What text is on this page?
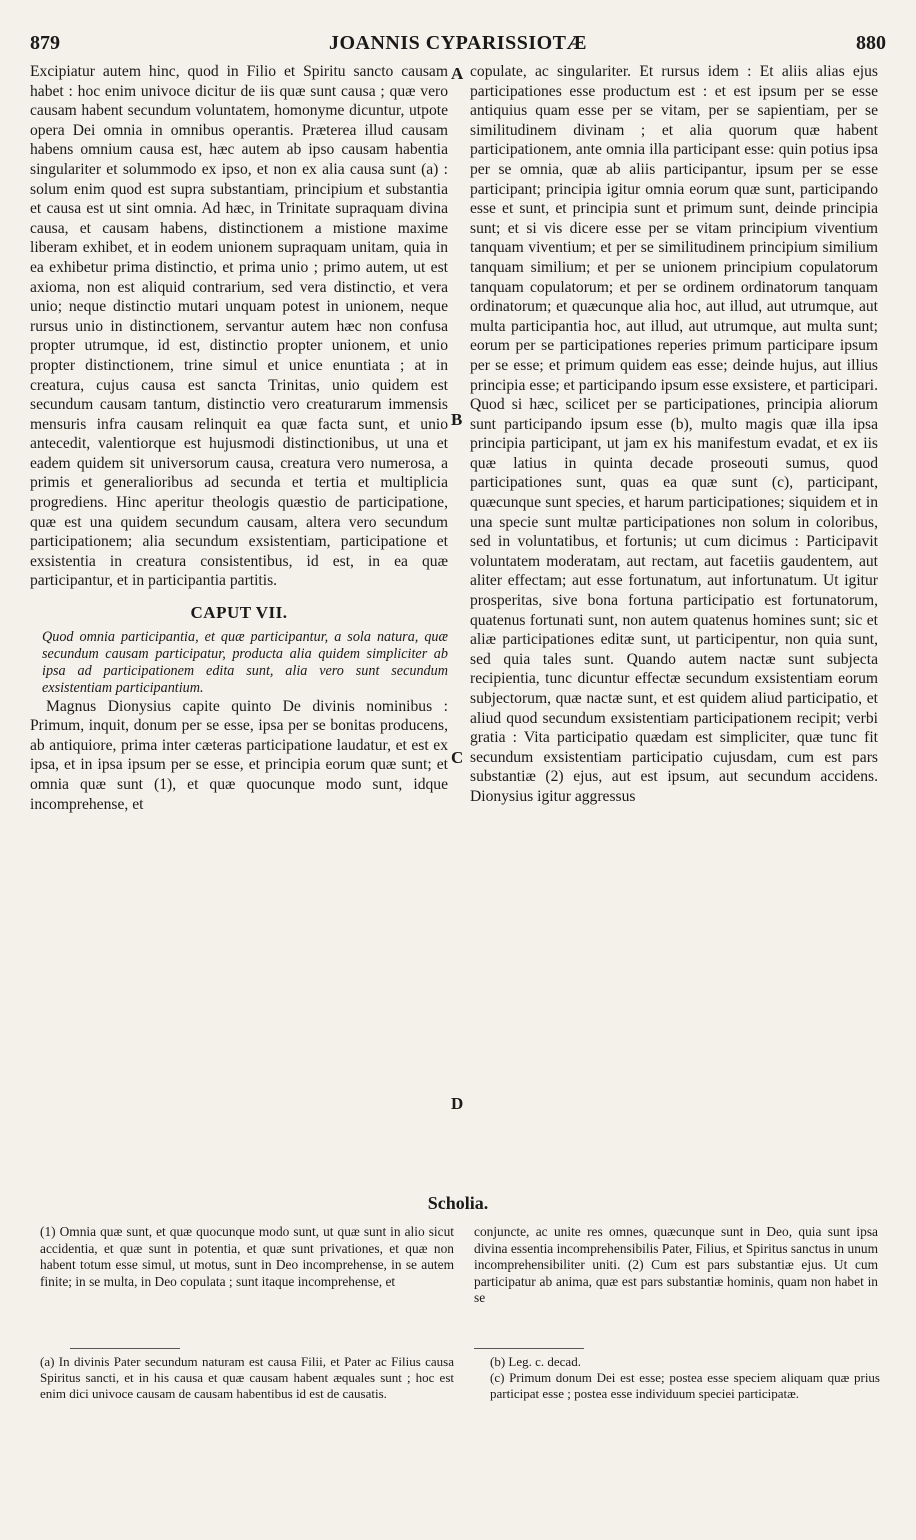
879	JOANNIS CYPARISSIOTÆ	880
A
B
C
D

Excipiatur autem hinc, quod in Filio et Spiritu sancto causam habet : hoc enim univoce dicitur de iis quæ sunt causa ; quæ vero causam habent secundum voluntatem, homonyme dicuntur, utpote opera Dei omnia in omnibus operantis. Præterea illud causam habens omnium causa est, hæc autem ab ipso causam habentia singulariter et solummodo ex ipso, et non ex alia causa sunt (a) : solum enim quod est supra substantiam, principium et substantia et causa est ut sint omnia. Ad hæc, in Trinitate supraquam divina causa, et causam habens, distinctionem a mistione maxime liberam exhibet, et in eodem unionem supraquam unitam, quia in ea exhibetur prima distinctio, et prima unio ; primo autem, ut est axioma, non est aliquid contrarium, sed vera distinctio, et vera unio; neque distinctio mutari unquam potest in unionem, neque rursus unio in distinctionem, servantur autem hæc non confusa propter utrumque, id est, distinctio propter unionem, et unio propter distinctionem, trine simul et unice enuntiata ; at in creatura, cujus causa est sancta Trinitas, unio quidem est secundum causam tantum, distinctio vero creaturarum immensis mensuris infra causam relinquit ea quæ facta sunt, et unio antecedit, valentiorque est hujusmodi distinctionibus, ut una et eadem quidem sit universorum causa, creatura vero numerosa, a primis et generalioribus ad secunda et tertia et multiplicia progrediens. Hinc aperitur theologis quæstio de participatione, quæ est una quidem secundum causam, altera vero secundum participationem; alia secundum exsistentiam, participatione et exsistentia in creatura consistentibus, id est, in ea quæ participantur, et in participantia partitis.

CAPUT VII.

Quod omnia participantia, et quæ participantur, a sola natura, quæ secundum causam participatur, producta alia quidem simpliciter ab ipsa ad participationem edita sunt, alia vero sunt secundum exsistentiam participantium.

Magnus Dionysius capite quinto De divinis nominibus : Primum, inquit, donum per se esse, ipsa per se bonitas producens, ab antiquiore, prima inter cæteras participatione laudatur, et est ex ipsa, et in ipsa ipsum per se esse, et principia eorum quæ sunt; et omnia quæ sunt (1), et quæ quocunque modo sunt, idque incomprehense, et

copulate, ac singulariter. Et rursus idem : Et aliis alias ejus participationes esse productum est : et est ipsum per se esse antiquius quam esse per se vitam, per se sapientiam, per se similitudinem divinam ; et alia quorum quæ habent participationem, ante omnia illa participant esse: quin potius ipsa per se omnia, quæ ab aliis participantur, ipsum per se esse participant; principia igitur omnia eorum quæ sunt, participando esse et sunt, et principia sunt et primum sunt, deinde principia sunt; et si vis dicere esse per se vitam principium viventium tanquam viventium; et per se similitudinem principium similium tanquam similium; et per se unionem principium copulatorum tanquam copulatorum; et per se ordinem ordinatorum tanquam ordinatorum; et quæcunque alia hoc, aut illud, aut utrumque, aut multa participantia hoc, aut illud, aut utrumque, aut multa sunt; eorum per se participationes reperies primum participare ipsum per se esse; et primum quidem eas esse; deinde hujus, aut illius principia esse; et participando ipsum esse exsistere, et participari. Quod si hæc, scilicet per se participationes, principia aliorum sunt participando ipsum esse (b), multo magis quæ illa ipsa principia participant, ut jam ex his manifestum evadat, et ex iis quæ latius in quinta decade proseouti sumus, quod participationes sunt, quas ea quæ sunt (c), participant, quæcunque sunt species, et harum participationes; siquidem et in una specie sunt multæ participationes non solum in coloribus, sed in voluntatibus, et fortunis; ut cum dicimus : Participavit voluntatem moderatam, aut rectam, aut facetiis gaudentem, aut aliter effectam; aut esse fortunatum, aut infortunatum. Ut igitur prosperitas, sive bona fortuna participatio est fortunatorum, quatenus fortunati sunt, non autem quatenus homines sunt; sic et aliæ participationes editæ sunt, ut participentur, non quia sunt, sed quia tales sunt. Quando autem nactæ sunt subjecta recipientia, tunc dicuntur effectæ secundum exsistentiam eorum subjectorum, quæ nactæ sunt, et est quidem aliud participatio, et aliud quod secundum exsistentiam participationem recipit; verbi gratia : Vita participatio quædam est simpliciter, quæ tunc fit secundum exsistentiam participatio cujusdam, cum est pars substantiæ (2) ejus, aut est ipsum, aut secundum accidens. Dionysius igitur aggressus

Scholia.

(1) Omnia quæ sunt, et quæ quocunque modo sunt, ut quæ sunt in alio sicut accidentia, et quæ sunt in potentia, et quæ sunt privationes, et quæ non habent totum esse simul, ut motus, sunt in Deo incomprehense, in se autem finite; in se multa, in Deo copulata ; sunt itaque incomprehense, et

conjuncte, ac unite res omnes, quæcunque sunt in Deo, quia sunt ipsa divina essentia incomprehensibilis Pater, Filius, et Spiritus sanctus in unum incomprehensibiliter uniti. (2) Cum est pars substantiæ ejus. Ut cum participatur ab anima, quæ est pars substantiæ hominis, quam non habet in se

(a) In divinis Pater secundum naturam est causa Filii, et Pater ac Filius causa Spiritus sancti, et in his causa et quæ causam habent æquales sunt ; hoc est enim dici univoce causam de causam habentibus id est de causatis.

(b) Leg. c. decad.

(c) Primum donum Dei est esse; postea esse speciem aliquam quæ prius participat esse ; postea esse individuum speciei participatæ.
